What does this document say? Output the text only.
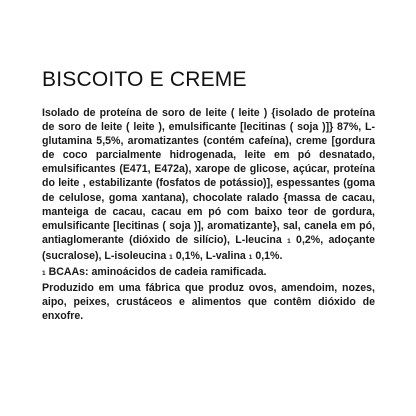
BISCOITO E CREME

Isolado de proteína de soro de leite ( leite ) {isolado de proteína de soro de leite ( leite ), emulsificante [lecitinas ( soja )]} 87%, L-glutamina 5,5%, aromatizantes (contém cafeína), creme [gordura de coco parcialmente hidrogenada, leite em pó desnatado, emulsificantes (E471, E472a), xarope de glicose, açúcar, proteína do leite , estabilizante (fosfatos de potássio)], espessantes (goma de celulose, goma xantana), chocolate ralado {massa de cacau, manteiga de cacau, cacau em pó com baixo teor de gordura, emulsificante [lecitinas ( soja )], aromatizante}, sal, canela em pó, antiaglomerante (dióxido de silício), L-leucina 1 0,2%, adoçante (sucralose), L-isoleucina 1 0,1%, L-valina 1 0,1%.

1 BCAAs: aminoácidos de cadeia ramificada.

Produzido em uma fábrica que produz ovos, amendoim, nozes, aipo, peixes, crustáceos e alimentos que contêm dióxido de enxofre.
